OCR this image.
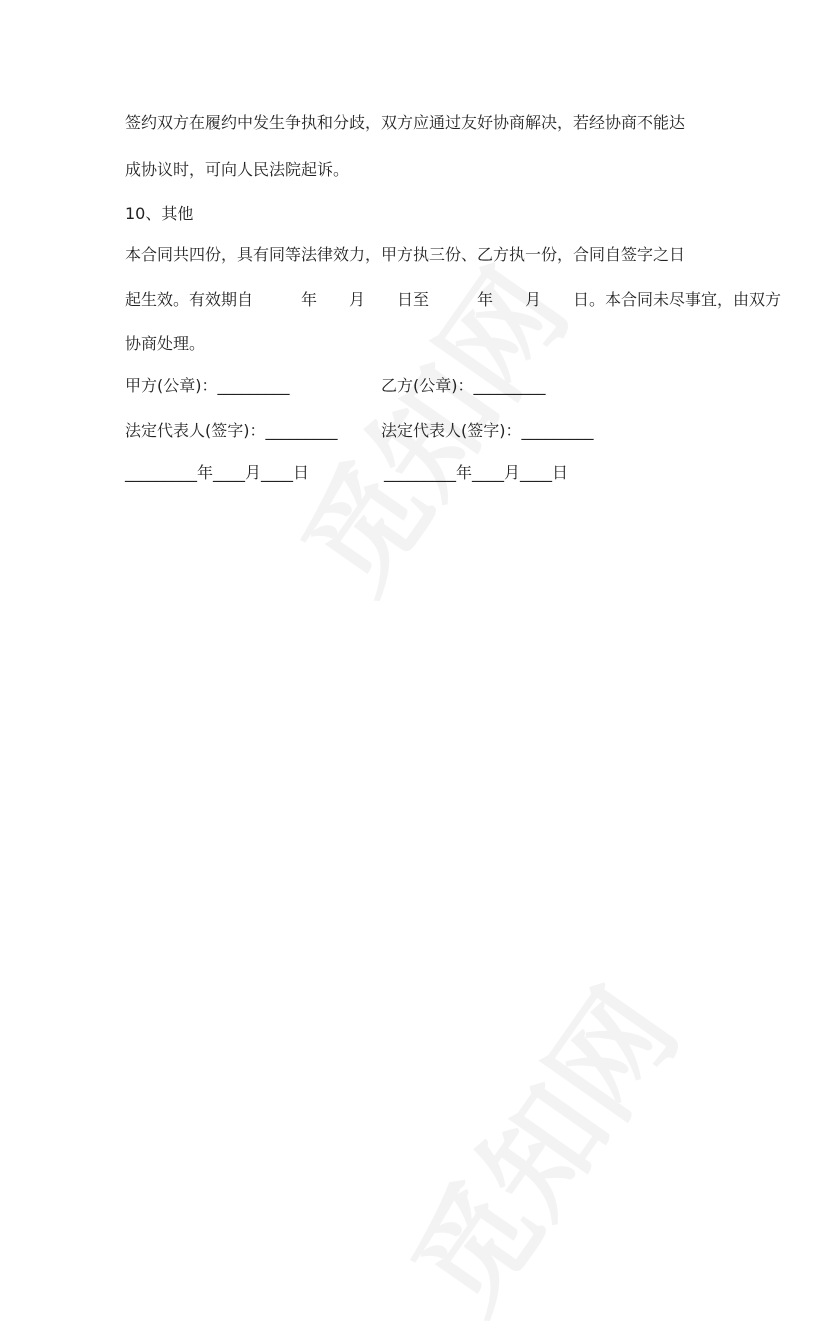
签约双方在履约中发生争执和分歧，双方应通过友好协商解决，若经协商不能达
成协议时，可向人民法院起诉。
10、其他
本合同共四份，具有同等法律效力，甲方执三份、乙方执一份，合同自签字之日
起生效。有效期自　　　年　　月　　日至　　　年　　月　　日。本合同未尽事宜，由双方
协商处理。
甲方(公章)：_________	乙方(公章)：_________
法定代表人(签字)：_________	法定代表人(签字)：_________
_________年____月____日	_________年____月____日
